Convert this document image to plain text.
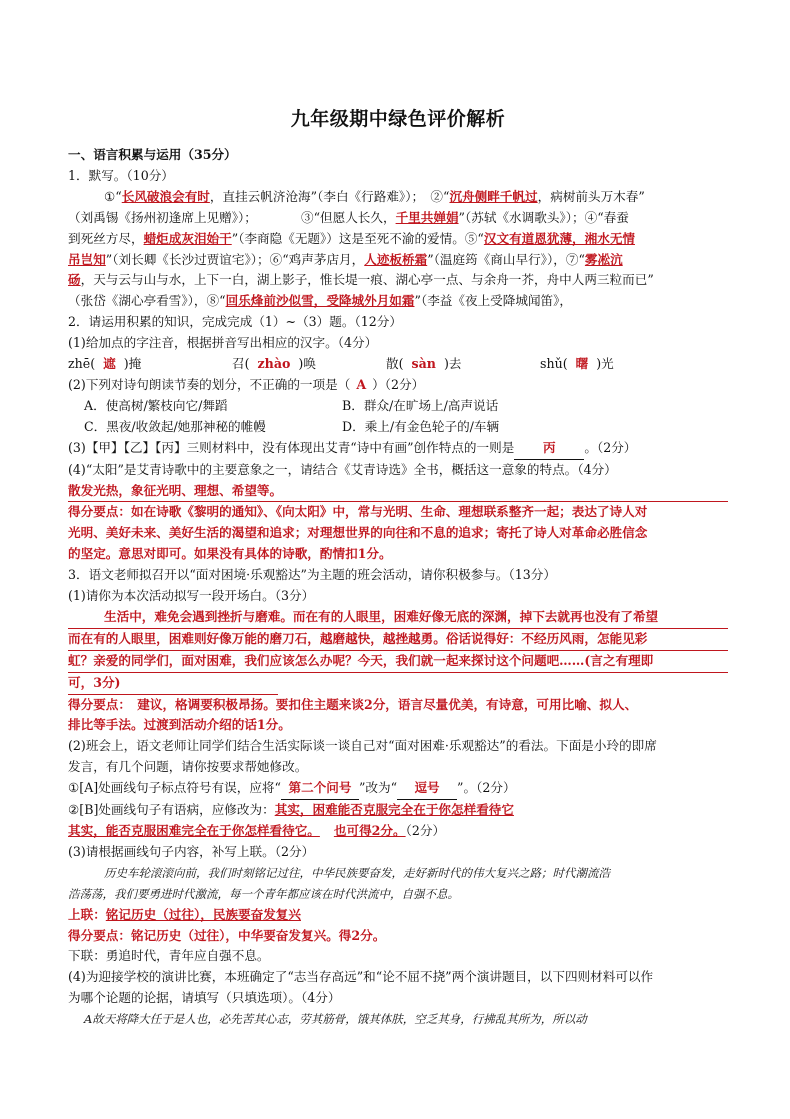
九年级期中绿色评价解析
一、语言积累与运用（35分）
1．默写。（10分）
①“长风破浪会有时，直挂云帆济沧海”（李白《行路难》）；　②“沉舟侧畔千帆过，病树前头万木春”
（刘禹锡《扬州初逢席上见赠》）；　　　　③“但愿人长久，千里共婵娟”（苏轼《水调歌头》）；④“春蚕
到死丝方尽，蜡炬成灰泪始干”（李商隐《无题》）这是至死不渝的爱情。⑤“汉文有道恩犹薄，湘水无情
吊岂知”（刘长卿《长沙过贾谊宅》）；⑥“鸡声茅店月，人迹板桥霜”（温庭筠《商山早行》），⑦“雾凇沆
砀，天与云与山与水，上下一白，湖上影子，惟长堤一痕、湖心亭一点、与余舟一芥，舟中人两三粒而已”
（张岱《湖心亭看雪》），⑧“回乐烽前沙似雪，受降城外月如霜”（李益《夜上受降城闻笛》，
2．请运用积累的知识，完成完成（1）~（3）题。（12分）
(1)给加点的字注音，根据拼音写出相应的汉字。（4分）
zhē( 遮 )掩	召( zhào )唤	散( sàn )去	shǔ( 曙 )光
(2)下列对诗句朗读节奏的划分，不正确的一项是（ A ）（2分）
A．使高树/繁枝向它/舞蹈	B．群众/在旷场上/高声说话
C．黑夜/收敛起/她那神秘的帷幔	D．乘上/有金色轮子的/车辆
(3)【甲】【乙】【丙】三则材料中，没有体现出艾青“诗中有画”创作特点的一则是 丙 。（2分）
(4)“太阳”是艾青诗歌中的主要意象之一，请结合《艾青诗选》全书，概括这一意象的特点。（4分）
散发光热，象征光明、理想、希望等。
得分要点：如在诗歌《黎明的通知》、《向太阳》中，常与光明、生命、理想联系整齐一起；表达了诗人对
光明、美好未来、美好生活的渴望和追求；对理想世界的向往和不息的追求；寄托了诗人对革命必胜信念
的坚定。意思对即可。如果没有具体的诗歌，酌情扣1分。
3．语文老师拟召开以“面对困境·乐观豁达”为主题的班会活动，请你积极参与。（13分）
(1)请你为本次活动拟写一段开场白。（3分）
生活中，难免会遇到挫折与磨难。而在有的人眼里，困难好像无底的深渊，掉下去就再也没有了希望
而在有的人眼里，困难则好像万能的磨刀石，越磨越快，越挫越勇。俗话说得好：不经历风雨，怎能见彩
虹？亲爱的同学们，面对困难，我们应该怎么办呢？今天，我们就一起来探讨这个问题吧……(言之有理即
可，3分)
得分要点：　建议，格调要积极昂扬。要扣住主题来谈2分，语言尽量优美，有诗意，可用比喻、拟人、
排比等手法。过渡到活动介绍的话1分。
(2)班会上，语文老师让同学们结合生活实际谈一谈自己对“面对困难·乐观豁达”的看法。下面是小玲的即席
发言，有几个问题，请你按要求帮她修改。
①[A]处画线句子标点符号有误，应将“ 第二个问号 ”改为“ 逗号 ”。（2分）
②[B]处画线句子有语病，应修改为：其实，困难能否克服完全在于你怎样看待它
其实，能否克服困难完全在于你怎样看待它。 也可得2分。（2分）
(3)请根据画线句子内容，补写上联。（2分）
历史车轮滚滚向前，我们时刻铭记过往，中华民族要奋发，走好新时代的伟大复兴之路；时代潮流浩
浩荡荡，我们要勇进时代激流，每一个青年都应该在时代洪流中，自强不息。
上联：铭记历史（过往），民族要奋发复兴
得分要点：铭记历史（过往），中华要奋发复兴。得2分。
下联：勇追时代，青年应自强不息。
(4)为迎接学校的演讲比赛，本班确定了“志当存高远”和“论不屈不挠”两个演讲题目，以下四则材料可以作
为哪个论题的论据，请填写（只填选项）。（4分）
A故天将降大任于是人也，必先苦其心志，劳其筋骨，饿其体肤，空乏其身，行拂乱其所为，所以动
